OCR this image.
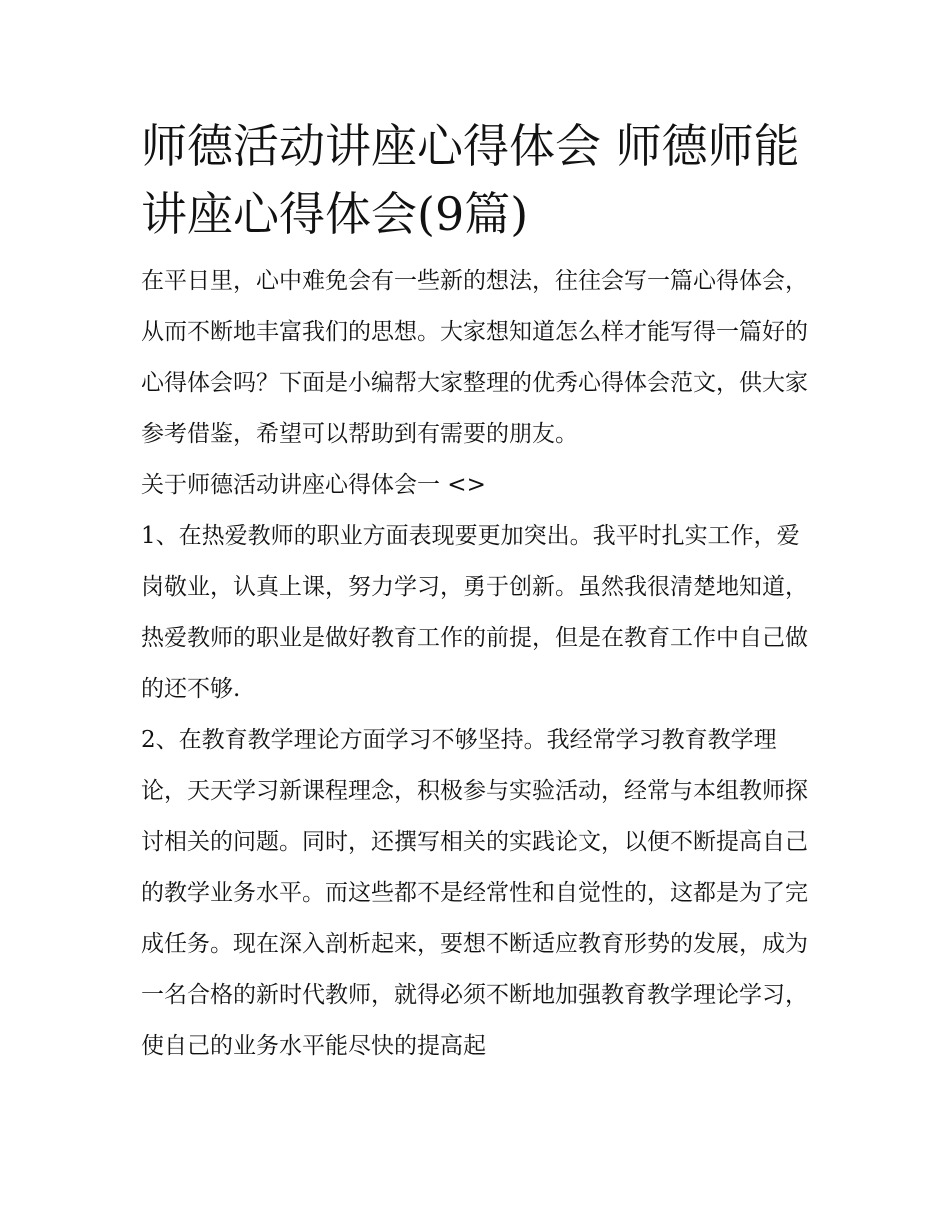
师德活动讲座心得体会 师德师能讲座心得体会(9篇)

在平日里，心中难免会有一些新的想法，往往会写一篇心得体会，从而不断地丰富我们的思想。大家想知道怎么样才能写得一篇好的心得体会吗？下面是小编帮大家整理的优秀心得体会范文，供大家参考借鉴，希望可以帮助到有需要的朋友。

关于师德活动讲座心得体会一 <>

1、在热爱教师的职业方面表现要更加突出。我平时扎实工作，爱岗敬业，认真上课，努力学习，勇于创新。虽然我很清楚地知道，热爱教师的职业是做好教育工作的前提，但是在教育工作中自己做的还不够.

2、在教育教学理论方面学习不够坚持。我经常学习教育教学理论，天天学习新课程理念，积极参与实验活动，经常与本组教师探讨相关的问题。同时，还撰写相关的实践论文，以便不断提高自己的教学业务水平。而这些都不是经常性和自觉性的，这都是为了完成任务。现在深入剖析起来，要想不断适应教育形势的发展，成为一名合格的新时代教师，就得必须不断地加强教育教学理论学习，使自己的业务水平能尽快的提高起
